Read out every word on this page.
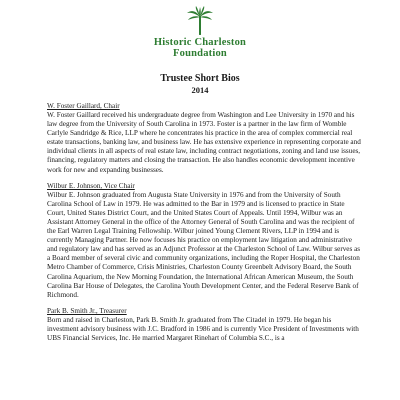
Historic Charleston
Foundation
Trustee Short Bios
2014
W. Foster Gaillard, Chair

W. Foster Gaillard received his undergraduate degree from Washington and Lee University in 1970 and his law degree from the University of South Carolina in 1973. Foster is a partner in the law firm of Womble Carlyle Sandridge & Rice, LLP where he concentrates his practice in the area of complex commercial real estate transactions, banking law, and business law. He has extensive experience in representing corporate and individual clients in all aspects of real estate law, including contract negotiations, zoning and land use issues, financing, regulatory matters and closing the transaction. He also handles economic development incentive work for new and expanding businesses.

Wilbur E. Johnson, Vice Chair

Wilbur E. Johnson graduated from Augusta State University in 1976 and from the University of South Carolina School of Law in 1979. He was admitted to the Bar in 1979 and is licensed to practice in State Court, United States District Court, and the United States Court of Appeals. Until 1994, Wilbur was an Assistant Attorney General in the office of the Attorney General of South Carolina and was the recipient of the Earl Warren Legal Training Fellowship. Wilbur joined Young Clement Rivers, LLP in 1994 and is currently Managing Partner. He now focuses his practice on employment law litigation and administrative and regulatory law and has served as an Adjunct Professor at the Charleston School of Law. Wilbur serves as a Board member of several civic and community organizations, including the Roper Hospital, the Charleston Metro Chamber of Commerce, Crisis Ministries, Charleston County Greenbelt Advisory Board, the South Carolina Aquarium, the New Morning Foundation, the International African American Museum, the South Carolina Bar House of Delegates, the Carolina Youth Development Center, and the Federal Reserve Bank of Richmond.

Park B. Smith Jr., Treasurer

Born and raised in Charleston, Park B. Smith Jr. graduated from The Citadel in 1979. He began his investment advisory business with J.C. Bradford in 1986 and is currently Vice President of Investments with UBS Financial Services, Inc. He married Margaret Rinehart of Columbia S.C., is a
